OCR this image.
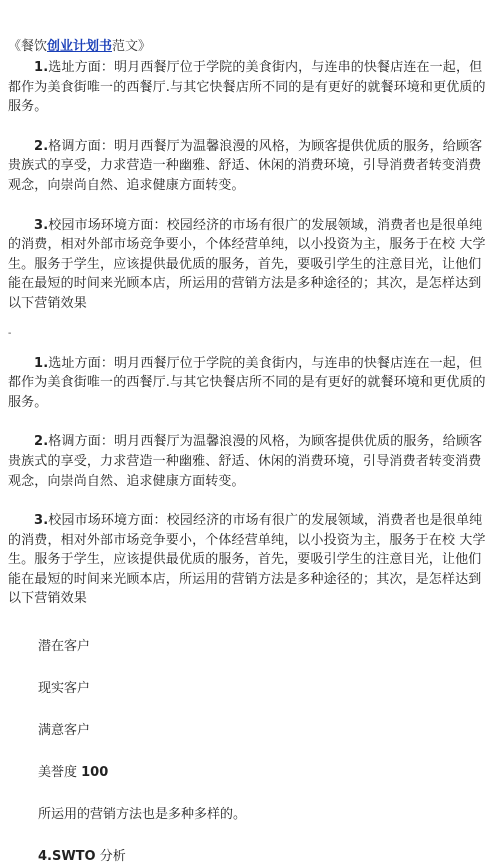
《餐饮创业计划书范文》

1.选址方面：明月西餐厅位于学院的美食街内，与连串的快餐店连在一起，但都作为美食街唯一的西餐厅.与其它快餐店所不同的是有更好的就餐环境和更优质的服务。

2.格调方面：明月西餐厅为温馨浪漫的风格，为顾客提供优质的服务，给顾客贵族式的享受，力求营造一种幽雅、舒适、休闲的消费环境，引导消费者转变消费观念，向崇尚自然、追求健康方面转变。

3.校园市场环境方面：校园经济的市场有很广的发展领域，消费者也是很单纯的消费，相对外部市场竞争要小，个体经营单纯，以小投资为主，服务于在校 大学生。服务于学生，应该提供最优质的服务，首先，要吸引学生的注意目光，让他们能在最短的时间来光顾本店，所运用的营销方法是多种途径的；其次，是怎样达到以下营销效果

-

1.选址方面：明月西餐厅位于学院的美食街内，与连串的快餐店连在一起，但都作为美食街唯一的西餐厅.与其它快餐店所不同的是有更好的就餐环境和更优质的服务。

2.格调方面：明月西餐厅为温馨浪漫的风格，为顾客提供优质的服务，给顾客贵族式的享受，力求营造一种幽雅、舒适、休闲的消费环境，引导消费者转变消费观念，向崇尚自然、追求健康方面转变。

3.校园市场环境方面：校园经济的市场有很广的发展领域，消费者也是很单纯的消费，相对外部市场竞争要小，个体经营单纯，以小投资为主，服务于在校 大学生。服务于学生，应该提供最优质的服务，首先，要吸引学生的注意目光，让他们能在最短的时间来光顾本店，所运用的营销方法是多种途径的；其次，是怎样达到以下营销效果

潜在客户

现实客户

满意客户

美誉度 100

所运用的营销方法也是多种多样的。

4.SWTO 分析
